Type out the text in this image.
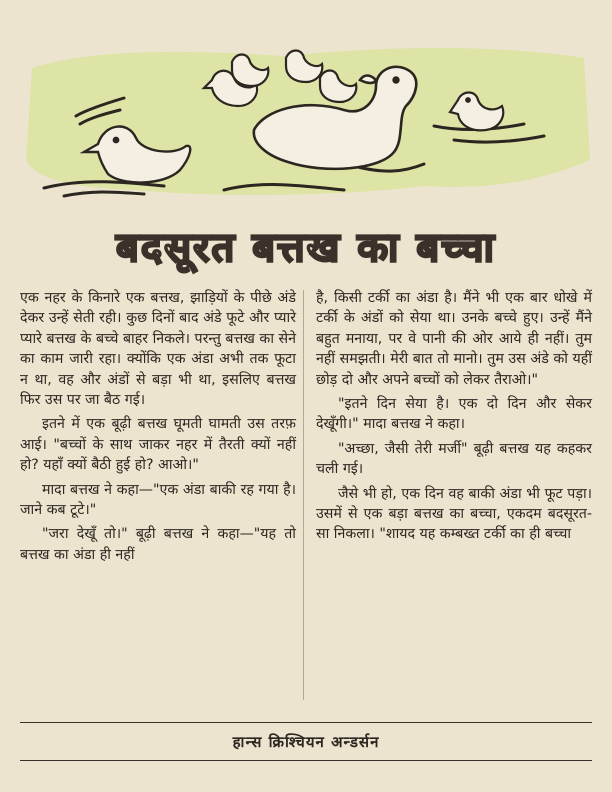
बदसूरत बत्तख का बच्चा

एक नहर के किनारे एक बत्तख, झाड़ियों के पीछे अंडे देकर उन्हें सेती रही। कुछ दिनों बाद अंडे फूटे और प्यारे प्यारे बत्तख के बच्चे बाहर निकले। परन्तु बत्तख का सेने का काम जारी रहा। क्योंकि एक अंडा अभी तक फूटा न था, वह और अंडों से बड़ा भी था, इसलिए बत्तख फिर उस पर जा बैठ गई।

इतने में एक बूढ़ी बत्तख घूमती घामती उस तरफ़ आई। "बच्चों के साथ जाकर नहर में तैरती क्यों नहीं हो? यहाँ क्यों बैठी हुई हो? आओ।"

मादा बत्तख ने कहा—"एक अंडा बाकी रह गया है। जाने कब टूटे।"

"जरा देखूँ तो।" बूढ़ी बत्तख ने कहा—"यह तो बत्तख का अंडा ही नहीं

है, किसी टर्की का अंडा है। मैंने भी एक बार धोखे में टर्की के अंडों को सेया था। उनके बच्चे हुए। उन्हें मैंने बहुत मनाया, पर वे पानी की ओर आये ही नहीं। तुम नहीं समझती। मेरी बात तो मानो। तुम उस अंडे को यहीं छोड़ दो और अपने बच्चों को लेकर तैराओ।"

"इतने दिन सेया है। एक दो दिन और सेकर देखूँगी।" मादा बत्तख ने कहा।

"अच्छा, जैसी तेरी मर्जी" बूढ़ी बत्तख यह कहकर चली गई।

जैसे भी हो, एक दिन वह बाकी अंडा भी फूट पड़ा। उसमें से एक बड़ा बत्तख का बच्चा, एकदम बदसूरत-सा निकला। "शायद यह कम्बख्त टर्की का ही बच्चा

हान्स क्रिश्चियन अन्डर्सन
